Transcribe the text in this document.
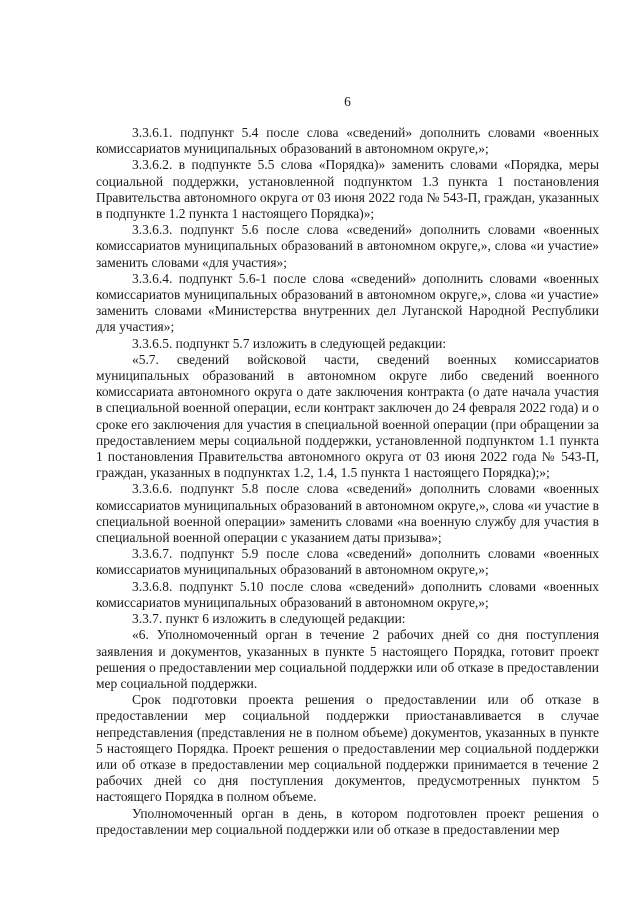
6

3.3.6.1. подпункт 5.4 после слова «сведений» дополнить словами «военных комиссариатов муниципальных образований в автономном округе,»;

3.3.6.2. в подпункте 5.5 слова «Порядка)» заменить словами «Порядка, меры социальной поддержки, установленной подпунктом 1.3 пункта 1 постановления Правительства автономного округа от 03 июня 2022 года № 543-П, граждан, указанных в подпункте 1.2 пункта 1 настоящего Порядка)»;

3.3.6.3. подпункт 5.6 после слова «сведений» дополнить словами «военных комиссариатов муниципальных образований в автономном округе,», слова «и участие» заменить словами «для участия»;

3.3.6.4. подпункт 5.6-1 после слова «сведений» дополнить словами «военных комиссариатов муниципальных образований в автономном округе,», слова «и участие» заменить словами «Министерства внутренних дел Луганской Народной Республики для участия»;

3.3.6.5. подпункт 5.7 изложить в следующей редакции:

«5.7. сведений войсковой части, сведений военных комиссариатов муниципальных образований в автономном округе либо сведений военного комиссариата автономного округа о дате заключения контракта (о дате начала участия в специальной военной операции, если контракт заключен до 24 февраля 2022 года) и о сроке его заключения для участия в специальной военной операции (при обращении за предоставлением меры социальной поддержки, установленной подпунктом 1.1 пункта 1 постановления Правительства автономного округа от 03 июня 2022 года № 543-П, граждан, указанных в подпунктах 1.2, 1.4, 1.5 пункта 1 настоящего Порядка);»;

3.3.6.6. подпункт 5.8 после слова «сведений» дополнить словами «военных комиссариатов муниципальных образований в автономном округе,», слова «и участие в специальной военной операции» заменить словами «на военную службу для участия в специальной военной операции с указанием даты призыва»;

3.3.6.7. подпункт 5.9 после слова «сведений» дополнить словами «военных комиссариатов муниципальных образований в автономном округе,»;

3.3.6.8. подпункт 5.10 после слова «сведений» дополнить словами «военных комиссариатов муниципальных образований в автономном округе,»;

3.3.7. пункт 6 изложить в следующей редакции:

«6. Уполномоченный орган в течение 2 рабочих дней со дня поступления заявления и документов, указанных в пункте 5 настоящего Порядка, готовит проект решения о предоставлении мер социальной поддержки или об отказе в предоставлении мер социальной поддержки.

Срок подготовки проекта решения о предоставлении или об отказе в предоставлении мер социальной поддержки приостанавливается в случае непредставления (представления не в полном объеме) документов, указанных в пункте 5 настоящего Порядка. Проект решения о предоставлении мер социальной поддержки или об отказе в предоставлении мер социальной поддержки принимается в течение 2 рабочих дней со дня поступления документов, предусмотренных пунктом 5 настоящего Порядка в полном объеме.

Уполномоченный орган в день, в котором подготовлен проект решения о предоставлении мер социальной поддержки или об отказе в предоставлении мер
